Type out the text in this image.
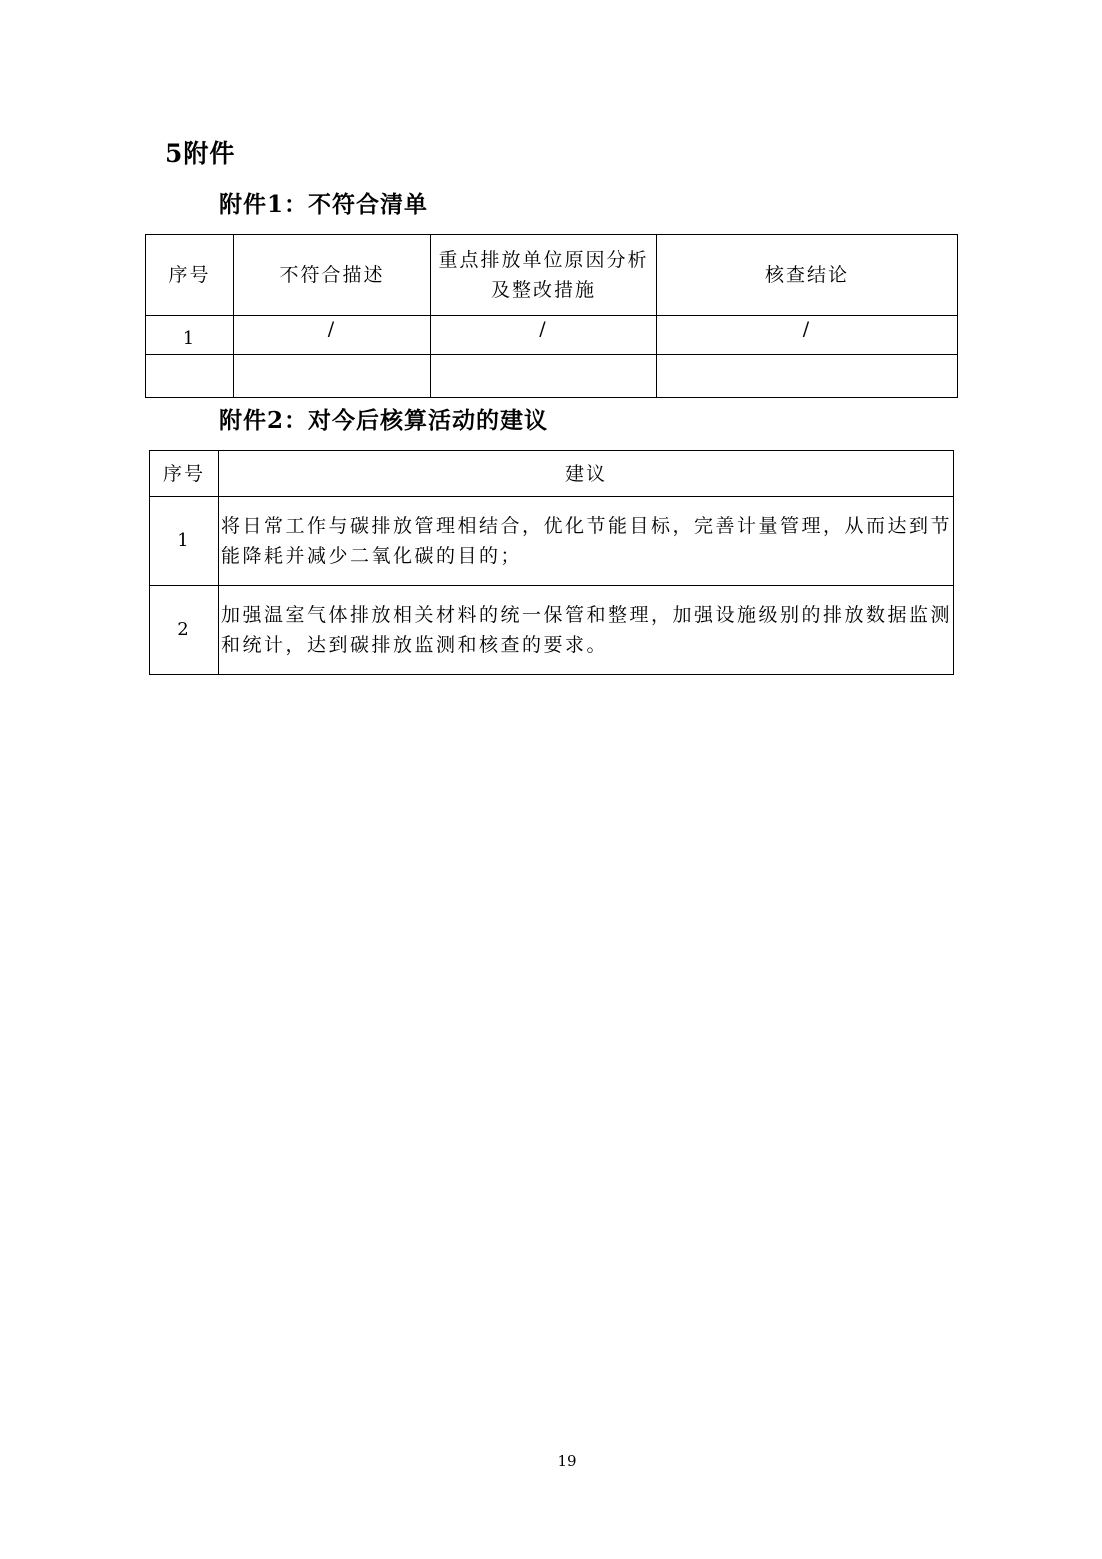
5附件
附件1：不符合清单
序号	不符合描述	重点排放单位原因分析及整改措施	核查结论
1	/	/	/

附件2：对今后核算活动的建议
序号	建议
1	将日常工作与碳排放管理相结合，优化节能目标，完善计量管理，从而达到节能降耗并减少二氧化碳的目的；
2	加强温室气体排放相关材料的统一保管和整理，加强设施级别的排放数据监测和统计，达到碳排放监测和核查的要求。
19
